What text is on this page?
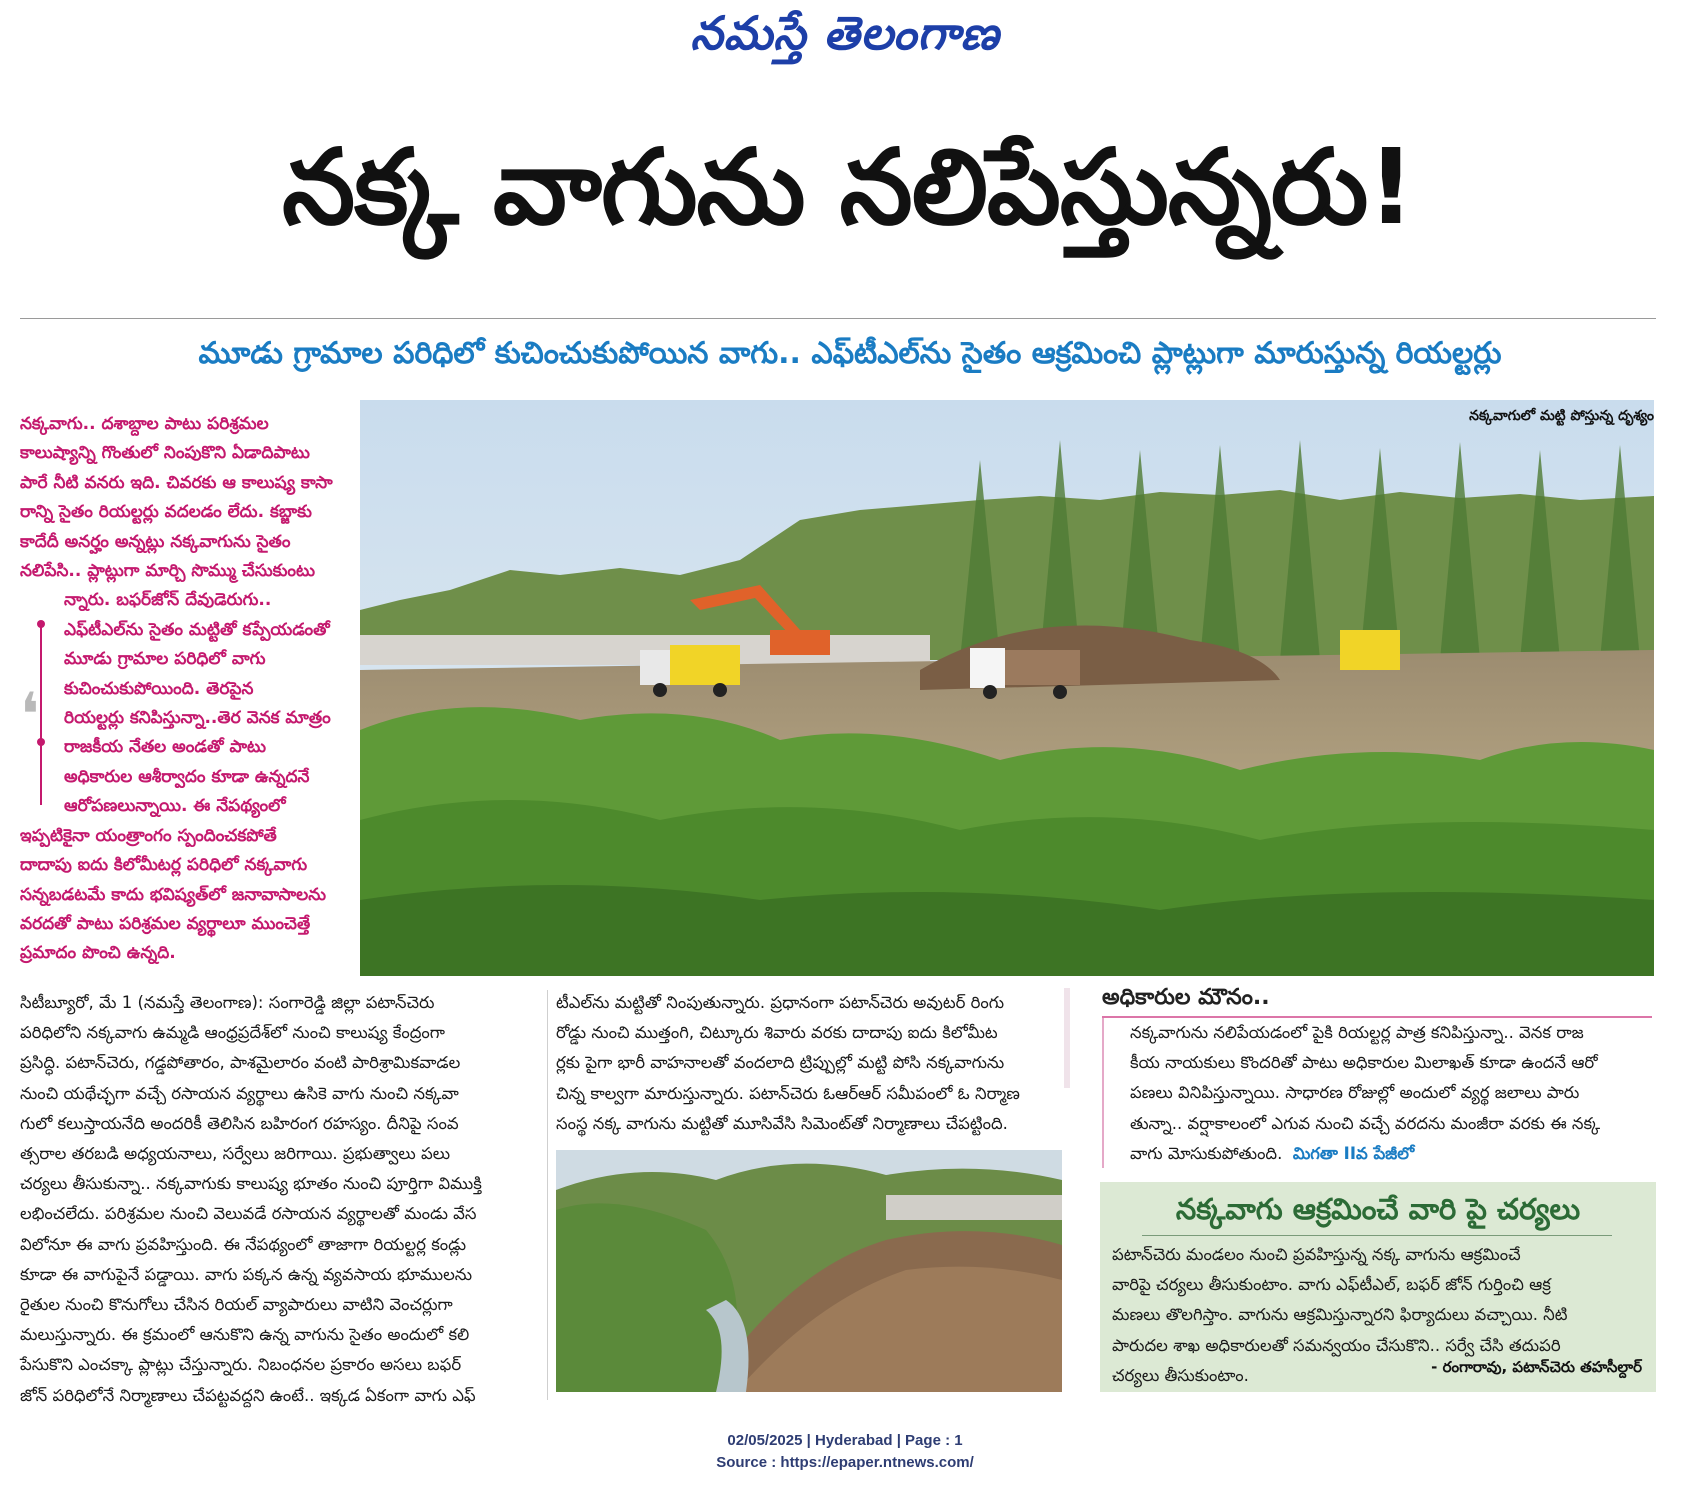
నమస్తే తెలంగాణ
నక్క వాగును నలిపేస్తున్నరు!
మూడు గ్రామాల పరిధిలో కుచించుకుపోయిన వాగు.. ఎఫ్‌టీఎల్‌ను సైతం ఆక్రమించి ప్లాట్లుగా మారుస్తున్న రియల్టర్లు

నక్కవాగు.. దశాబ్దాల పాటు పరిశ్రమల

కాలుష్యాన్ని గొంతులో నింపుకొని ఏడాదిపాటు

పారే నీటి వనరు ఇది. చివరకు ఆ కాలుష్య కాసా

రాన్ని సైతం రియల్టర్లు వదలడం లేదు. కబ్జాకు

కాదేదీ అనర్హం అన్నట్లు నక్కవాగును సైతం

నలిపేసి.. ప్లాట్లుగా మార్చి సొమ్ము చేసుకుంటు

న్నారు. బఫర్‌జోన్ దేవుడెరుగు..

ఎఫ్‌టీఎల్‌ను సైతం మట్టితో కప్పేయడంతో

మూడు గ్రామాల పరిధిలో వాగు

కుచించుకుపోయింది. తెరపైన

రియల్టర్లు కనిపిస్తున్నా..తెర వెనక మాత్రం

రాజకీయ నేతల అండతో పాటు

అధికారుల ఆశీర్వాదం కూడా ఉన్నదనే

ఆరోపణలున్నాయి. ఈ నేపథ్యంలో

ఇప్పటికైనా యంత్రాంగం స్పందించకపోతే

దాదాపు ఐదు కిలోమీటర్ల పరిధిలో నక్కవాగు

సన్నబడటమే కాదు భవిష్యత్‌లో జనావాసాలను

వరదతో పాటు పరిశ్రమల వ్యర్థాలూ ముంచెత్తే

ప్రమాదం పొంచి ఉన్నది.

❛
నక్కవాగులో మట్టి పోస్తున్న దృశ్యం

సిటీబ్యూరో, మే 1 (నమస్తే తెలంగాణ): సంగారెడ్డి జిల్లా పటాన్‌చెరు

పరిధిలోని నక్కవాగు ఉమ్మడి ఆంధ్రప్రదేశ్‌లో నుంచి కాలుష్య కేంద్రంగా

ప్రసిద్ధి. పటాన్‌చెరు, గడ్డపోతారం, పాశమైలారం వంటి పారిశ్రామికవాడల

నుంచి యథేచ్ఛగా వచ్చే రసాయన వ్యర్థాలు ఉసికె వాగు నుంచి నక్కవా

గులో కలుస్తాయనేది అందరికీ తెలిసిన బహిరంగ రహస్యం. దీనిపై సంవ

త్సరాల తరబడి అధ్యయనాలు, సర్వేలు జరిగాయి. ప్రభుత్వాలు పలు

చర్యలు తీసుకున్నా.. నక్కవాగుకు కాలుష్య భూతం నుంచి పూర్తిగా విముక్తి

లభించలేదు. పరిశ్రమల నుంచి వెలువడే రసాయన వ్యర్థాలతో మండు వేస

విలోనూ ఈ వాగు ప్రవహిస్తుంది. ఈ నేపథ్యంలో తాజాగా రియల్టర్ల కండ్లు

కూడా ఈ వాగుపైనే పడ్డాయి. వాగు పక్కన ఉన్న వ్యవసాయ భూములను

రైతుల నుంచి కొనుగోలు చేసిన రియల్ వ్యాపారులు వాటిని వెంచర్లుగా

మలుస్తున్నారు. ఈ క్రమంలో ఆనుకొని ఉన్న వాగును సైతం అందులో కలి

పేసుకొని ఎంచక్కా ప్లాట్లు చేస్తున్నారు. నిబంధనల ప్రకారం అసలు బఫర్

జోన్ పరిధిలోనే నిర్మాణాలు చేపట్టవద్దని ఉంటే.. ఇక్కడ ఏకంగా వాగు ఎఫ్

టీఎల్‌ను మట్టితో నింపుతున్నారు. ప్రధానంగా పటాన్‌చెరు అవుటర్ రింగు

రోడ్డు నుంచి ముత్తంగి, చిట్కూరు శివారు వరకు దాదాపు ఐదు కిలోమీట

ర్లకు పైగా భారీ వాహనాలతో వందలాది ట్రిప్పుల్లో మట్టి పోసి నక్కవాగును

చిన్న కాల్వగా మారుస్తున్నారు. పటాన్‌చెరు ఓఆర్‌ఆర్ సమీపంలో ఓ నిర్మాణ

సంస్థ నక్క వాగును మట్టితో మూసివేసి సిమెంట్‌తో నిర్మాణాలు చేపట్టింది.

అధికారుల మౌనం..

నక్కవాగును నలిపేయడంలో పైకి రియల్టర్ల పాత్ర కనిపిస్తున్నా.. వెనక రాజ

కీయ నాయకులు కొందరితో పాటు అధికారుల మిలాఖత్ కూడా ఉందనే ఆరో

పణలు వినిపిస్తున్నాయి. సాధారణ రోజుల్లో అందులో వ్యర్థ జలాలు పారు

తున్నా.. వర్షాకాలంలో ఎగువ నుంచి వచ్చే వరదను మంజీరా వరకు ఈ నక్క

వాగు మోసుకుపోతుంది. మిగతా IIవ పేజీలో

నక్కవాగు ఆక్రమించే వారి పై చర్యలు
పటాన్‌చెరు మండలం నుంచి ప్రవహిస్తున్న నక్క వాగును ఆక్రమించే
వారిపై చర్యలు తీసుకుంటాం. వాగు ఎఫ్‌టీఎల్, బఫర్ జోన్ గుర్తించి ఆక్ర
మణలు తొలగిస్తాం. వాగును ఆక్రమిస్తున్నారని ఫిర్యాదులు వచ్చాయి. నీటి
పారుదల శాఖ అధికారులతో సమన్వయం చేసుకొని.. సర్వే చేసి తదుపరి
చర్యలు తీసుకుంటాం.	- రంగారావు, పటాన్‌చెరు తహసీల్దార్
02/05/2025 | Hyderabad | Page : 1
Source : https://epaper.ntnews.com/
